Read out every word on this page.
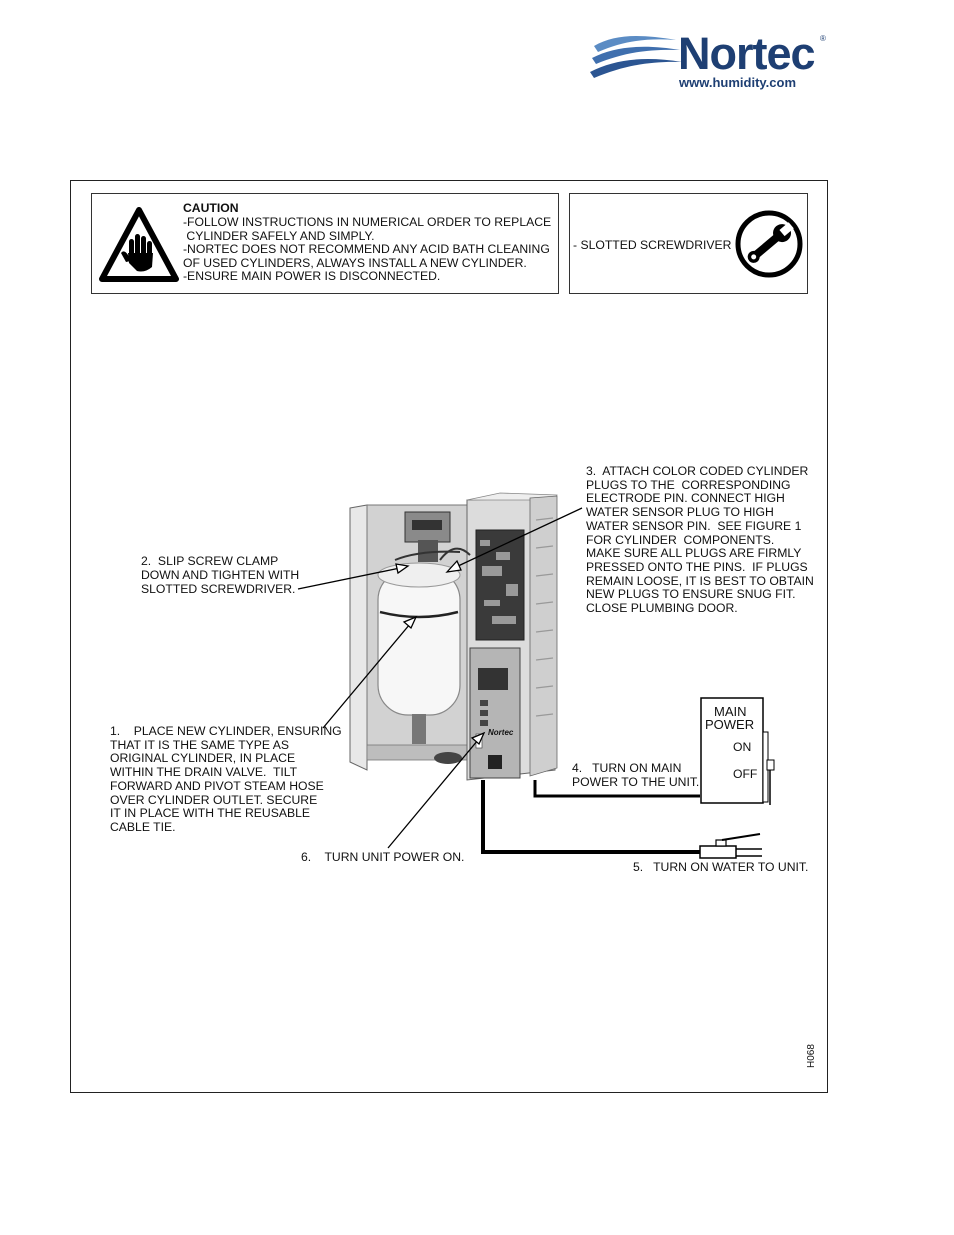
Nortec ®
www.humidity.com
CAUTION
-FOLLOW INSTRUCTIONS IN NUMERICAL ORDER TO REPLACE
CYLINDER SAFELY AND SIMPLY.
-NORTEC DOES NOT RECOMMEND ANY ACID BATH CLEANING
OF USED CYLINDERS, ALWAYS INSTALL A NEW CYLINDER.
-ENSURE MAIN POWER IS DISCONNECTED.
- SLOTTED SCREWDRIVER
Nortec
3.  ATTACH COLOR CODED CYLINDER
PLUGS TO THE  CORRESPONDING
ELECTRODE PIN. CONNECT HIGH
WATER SENSOR PLUG TO HIGH
WATER SENSOR PIN.  SEE FIGURE 1
FOR CYLINDER  COMPONENTS.
MAKE SURE ALL PLUGS ARE FIRMLY
PRESSED ONTO THE PINS.  IF PLUGS
REMAIN LOOSE, IT IS BEST TO OBTAIN
NEW PLUGS TO ENSURE SNUG FIT.
CLOSE PLUMBING DOOR.
2.  SLIP SCREW CLAMP
DOWN AND TIGHTEN WITH
SLOTTED SCREWDRIVER.
1.    PLACE NEW CYLINDER, ENSURING
THAT IT IS THE SAME TYPE AS
ORIGINAL CYLINDER, IN PLACE
WITHIN THE DRAIN VALVE.  TILT
FORWARD AND PIVOT STEAM HOSE
OVER CYLINDER OUTLET. SECURE
IT IN PLACE WITH THE REUSABLE
CABLE TIE.
4.   TURN ON MAIN
POWER TO THE UNIT.
6.    TURN UNIT POWER ON.
5.   TURN ON WATER TO UNIT.
MAIN
POWER
ON
OFF
H068
